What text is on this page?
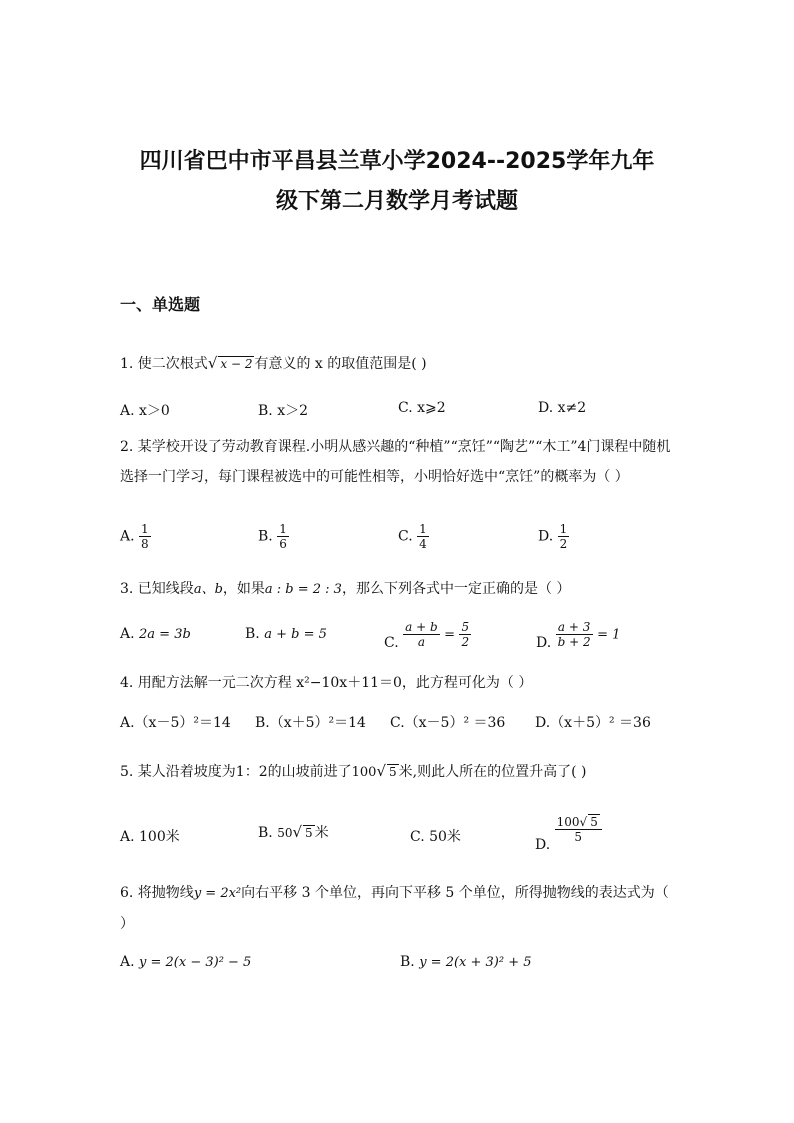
四川省巴中市平昌县兰草小学2024--2025学年九年
级下第二月数学月考试题
一、单选题
1. 使二次根式√ x − 2 有意义的 x 的取值范围是( )
A. x＞0	B. x＞2	C. x⩾2	D. x≠2
2. 某学校开设了劳动教育课程.小明从感兴趣的“种植”“烹饪”“陶艺”“木工”4门课程中随机选择一门学习，每门课程被选中的可能性相等，小明恰好选中“烹饪”的概率为（ ）
A. $\frac{1}{8}$	B. $\frac{1}{6}$	C. $\frac{1}{4}$	D. $\frac{1}{2}$
3. 已知线段a、b，如果a : b = 2 : 3，那么下列各式中一定正确的是（ ）
A. 2a = 3b	B. a + b = 5	C. $\frac{a + b}{a} = \frac{5}{2}$	D. $\frac{a + 3}{b + 2} = 1$
4. 用配方法解一元二次方程 x²−10x＋11＝0，此方程可化为（ ）
A.（x－5）²＝14 B.（x＋5）²＝14 C.（x－5）² ＝36 D.（x＋5）² ＝36
5. 某人沿着坡度为1：2的山坡前进了100√ 5 米,则此人所在的位置升高了( )
A. 100米	B. 50√ 5 米	C. 50米	D.
$\frac{100√ 5}{5}$
6. 将抛物线y = 2x²向右平移 3 个单位，再向下平移 5 个单位，所得抛物线的表达式为（ ）
A. y = 2(x − 3)² − 5	B. y = 2(x + 3)² + 5
